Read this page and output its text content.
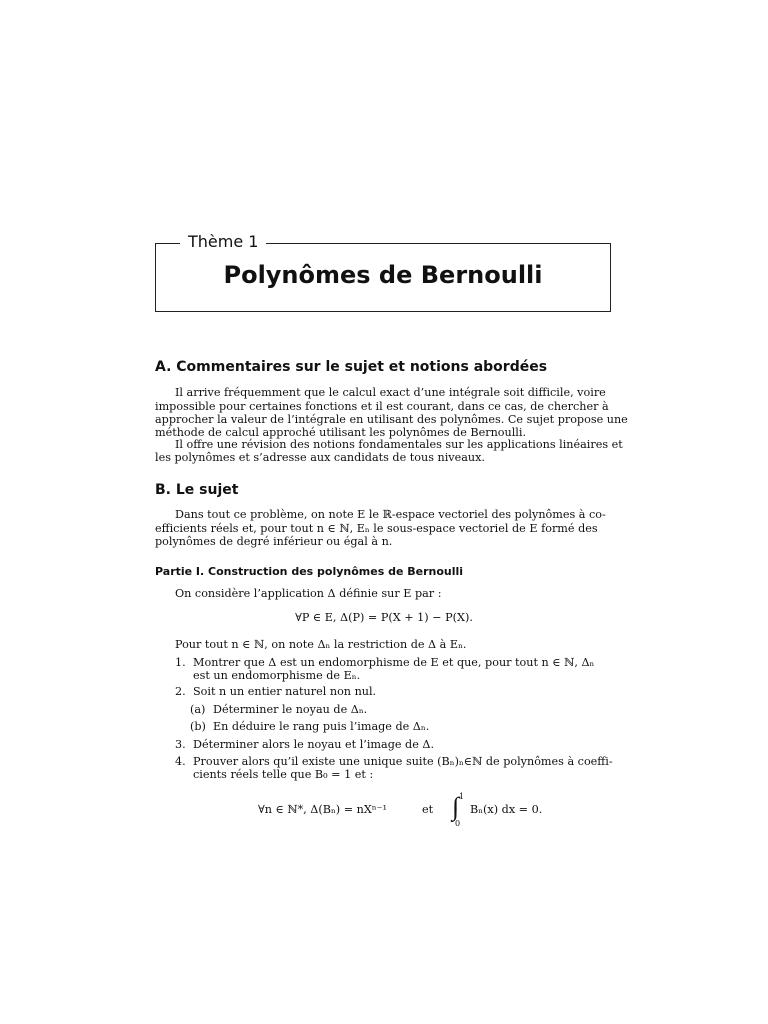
Thème 1
Polynômes de Bernoulli
A. Commentaires sur le sujet et notions abordées
Il arrive fréquemment que le calcul exact d’une intégrale soit difficile, voire
impossible pour certaines fonctions et il est courant, dans ce cas, de chercher à
approcher la valeur de l’intégrale en utilisant des polynômes. Ce sujet propose une
méthode de calcul approché utilisant les polynômes de Bernoulli.
Il offre une révision des notions fondamentales sur les applications linéaires et
les polynômes et s’adresse aux candidats de tous niveaux.
B. Le sujet
Dans tout ce problème, on note E le ℝ-espace vectoriel des polynômes à co-
efficients réels et, pour tout n ∈ ℕ, Eₙ le sous-espace vectoriel de E formé des
polynômes de degré inférieur ou égal à n.
Partie I. Construction des polynômes de Bernoulli
On considère l’application Δ définie sur E par :
∀P ∈ E, Δ(P) = P(X + 1) − P(X).
Pour tout n ∈ ℕ, on note Δₙ la restriction de Δ à Eₙ.
1. Montrer que Δ est un endomorphisme de E et que, pour tout n ∈ ℕ, Δₙ
est un endomorphisme de Eₙ.
2. Soit n un entier naturel non nul.
(a) Déterminer le noyau de Δₙ.
(b) En déduire le rang puis l’image de Δₙ.
3. Déterminer alors le noyau et l’image de Δ.
4. Prouver alors qu’il existe une unique suite (Bₙ)ₙ∈ℕ de polynômes à coeffi-
cients réels telle que B₀ = 1 et :
∀n ∈ ℕ*, Δ(Bₙ) = nXⁿ⁻¹	et ∫ 1
0
Bₙ(x) dx = 0.
